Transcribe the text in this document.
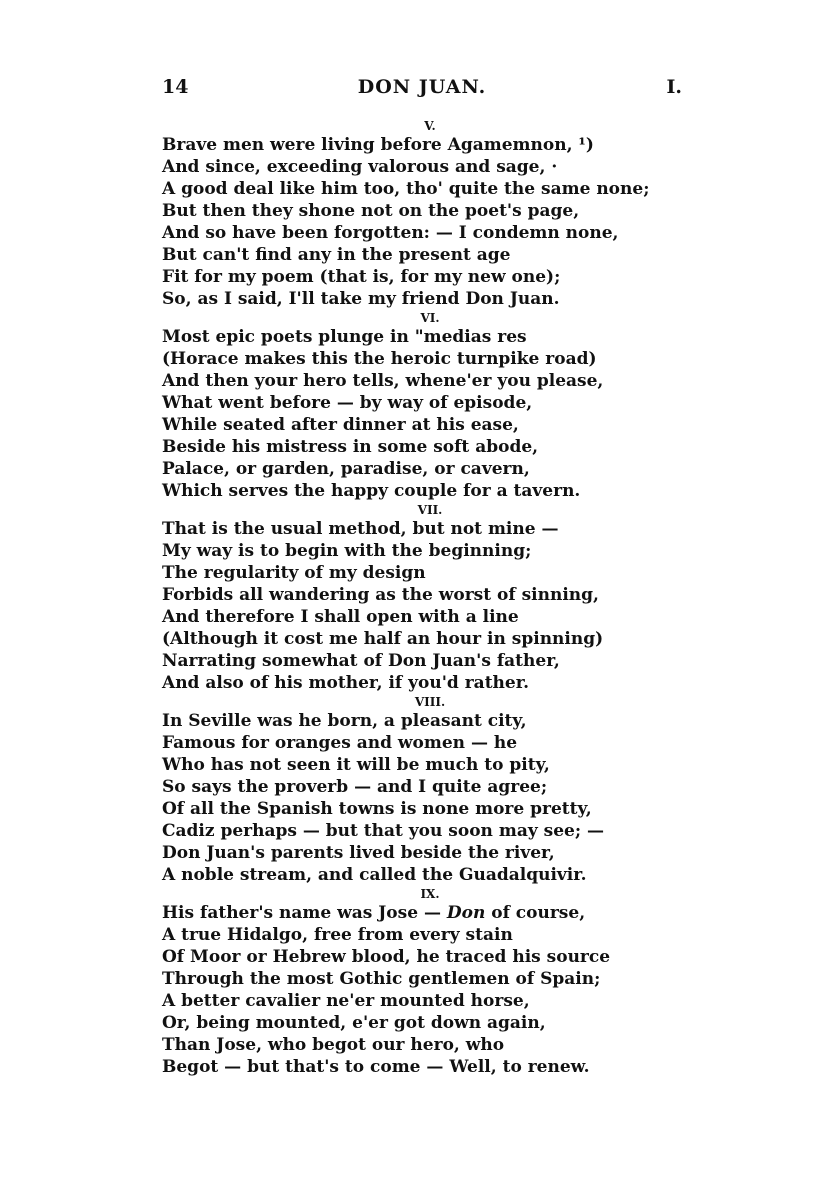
14	DON JUAN.	I.
V.
Brave men were living before Agamemnon, ¹)
And since, exceeding valorous and sage, ·
A good deal like him too, tho' quite the same none;
But then they shone not on the poet's page,
And so have been forgotten: — I condemn none,
But can't find any in the present age
Fit for my poem (that is, for my new one);
So, as I said, I'll take my friend Don Juan.
VI.
Most epic poets plunge in "medias res
(Horace makes this the heroic turnpike road)
And then your hero tells, whene'er you please,
What went before — by way of episode,
While seated after dinner at his ease,
Beside his mistress in some soft abode,
Palace, or garden, paradise, or cavern,
Which serves the happy couple for a tavern.
VII.
That is the usual method, but not mine —
My way is to begin with the beginning;
The regularity of my design
Forbids all wandering as the worst of sinning,
And therefore I shall open with a line
(Although it cost me half an hour in spinning)
Narrating somewhat of Don Juan's father,
And also of his mother, if you'd rather.
VIII.
In Seville was he born, a pleasant city,
Famous for oranges and women — he
Who has not seen it will be much to pity,
So says the proverb — and I quite agree;
Of all the Spanish towns is none more pretty,
Cadiz perhaps — but that you soon may see; —
Don Juan's parents lived beside the river,
A noble stream, and called the Guadalquivir.
IX.
His father's name was Jose — Don of course,
A true Hidalgo, free from every stain
Of Moor or Hebrew blood, he traced his source
Through the most Gothic gentlemen of Spain;
A better cavalier ne'er mounted horse,
Or, being mounted, e'er got down again,
Than Jose, who begot our hero, who
Begot — but that's to come — Well, to renew.
